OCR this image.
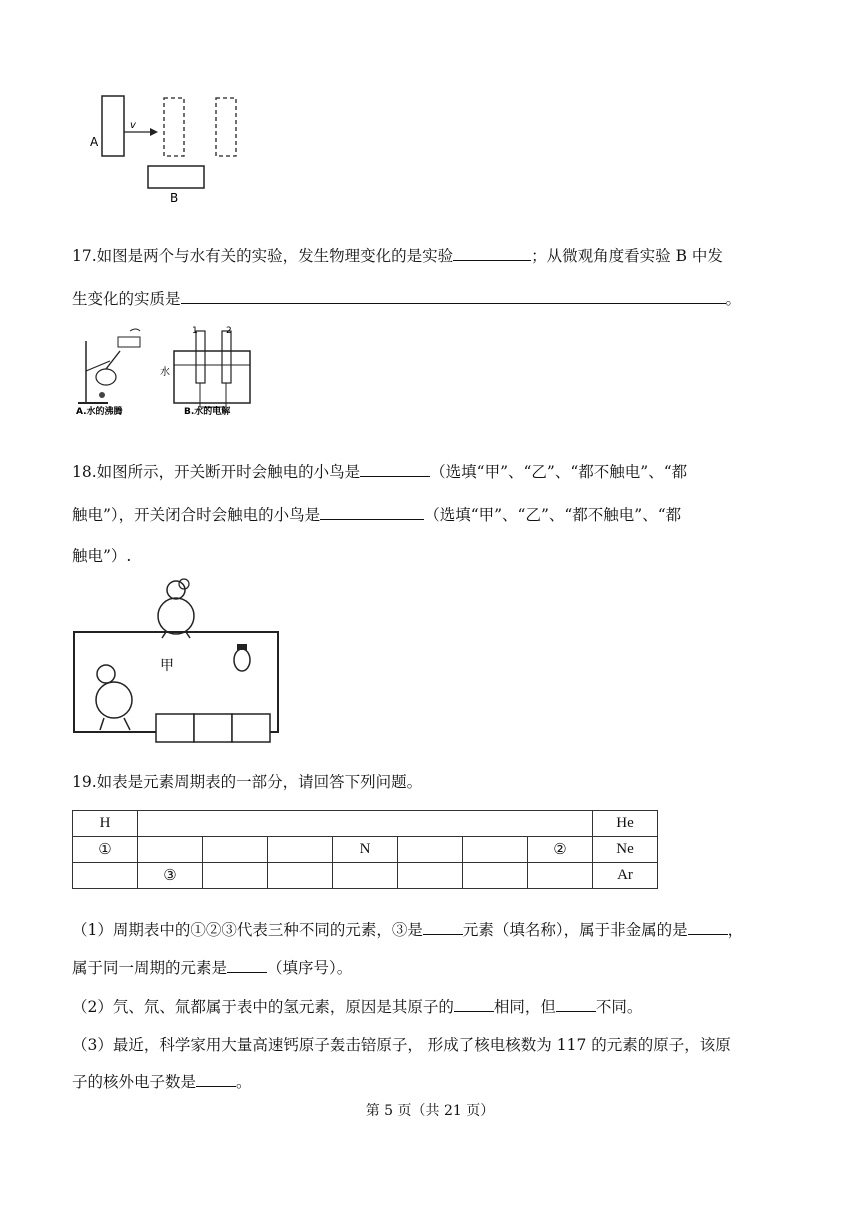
A
v
B
17.如图是两个与水有关的实验，发生物理变化的是实验	；从微观角度看实验 B 中发
生变化的实质是	。
1	2
水
A.水的沸腾	B.水的电解
18.如图所示，开关断开时会触电的小鸟是	（选填“甲”、“乙”、“都不触电”、“都
触电”），开关闭合时会触电的小鸟是	（选填“甲”、“乙”、“都不触电”、“都
触电”）.
甲
19.如表是元素周期表的一部分，请回答下列问题。
H								He
①				N			②	Ne
	③							Ar
（1）周期表中的①②③代表三种不同的元素，③是	元素（填名称），属于非金属的是	，
属于同一周期的元素是	（填序号）。
（2）氕、氘、氚都属于表中的氢元素，原因是其原子的	相同，但	不同。
（3）最近，科学家用大量高速钙原子轰击锫原子， 形成了核电核数为 117 的元素的原子，该原
子的核外电子数是	。
第 5 页（共 21 页）
